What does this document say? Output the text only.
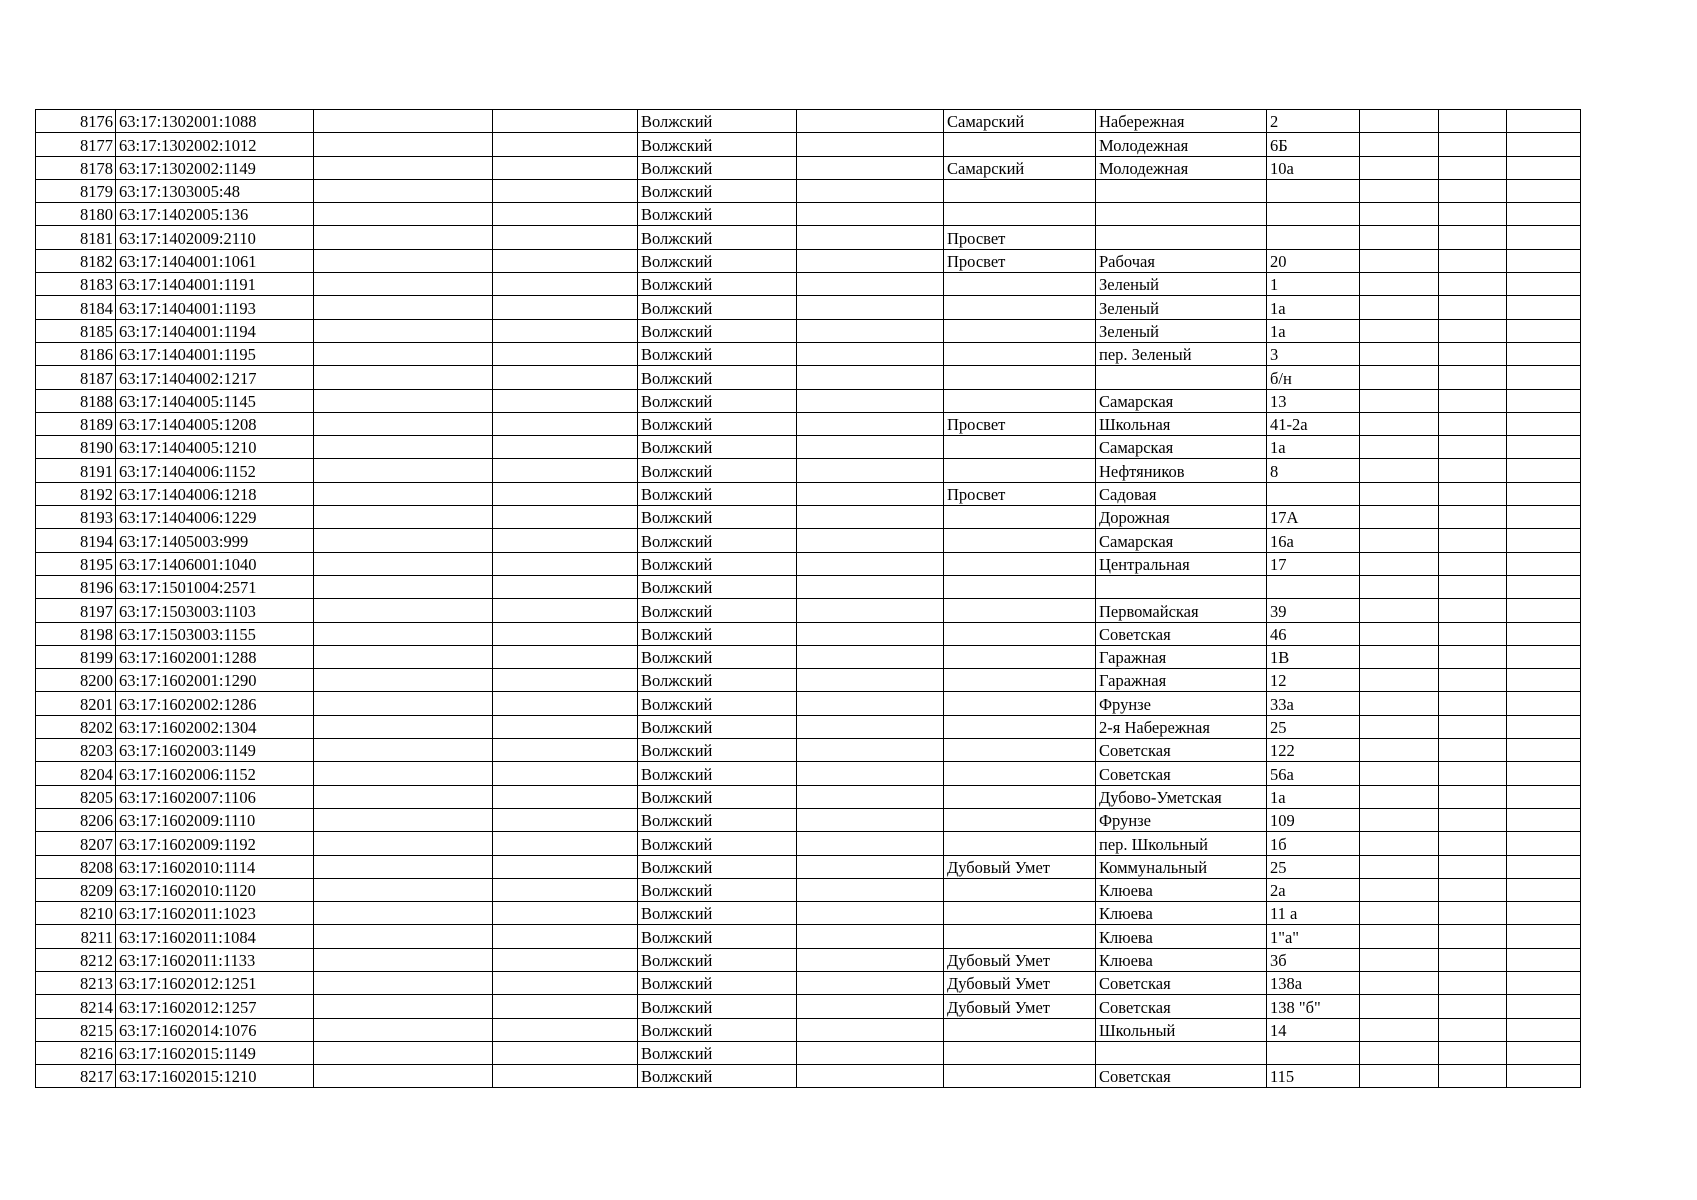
8176	63:17:1302001:1088			Волжский		Самарский	Набережная	2			
8177	63:17:1302002:1012			Волжский			Молодежная	6Б			
8178	63:17:1302002:1149			Волжский		Самарский	Молодежная	10а			
8179	63:17:1303005:48			Волжский							
8180	63:17:1402005:136			Волжский							
8181	63:17:1402009:2110			Волжский		Просвет					
8182	63:17:1404001:1061			Волжский		Просвет	Рабочая	20			
8183	63:17:1404001:1191			Волжский			Зеленый	1			
8184	63:17:1404001:1193			Волжский			Зеленый	1а			
8185	63:17:1404001:1194			Волжский			Зеленый	1а			
8186	63:17:1404001:1195			Волжский			пер. Зеленый	3			
8187	63:17:1404002:1217			Волжский				б/н			
8188	63:17:1404005:1145			Волжский			Самарская	13			
8189	63:17:1404005:1208			Волжский		Просвет	Школьная	41-2а			
8190	63:17:1404005:1210			Волжский			Самарская	1а			
8191	63:17:1404006:1152			Волжский			Нефтяников	8			
8192	63:17:1404006:1218			Волжский		Просвет	Садовая				
8193	63:17:1404006:1229			Волжский			Дорожная	17А			
8194	63:17:1405003:999			Волжский			Самарская	16а			
8195	63:17:1406001:1040			Волжский			Центральная	17			
8196	63:17:1501004:2571			Волжский							
8197	63:17:1503003:1103			Волжский			Первомайская	39			
8198	63:17:1503003:1155			Волжский			Советская	46			
8199	63:17:1602001:1288			Волжский			Гаражная	1В			
8200	63:17:1602001:1290			Волжский			Гаражная	12			
8201	63:17:1602002:1286			Волжский			Фрунзе	33а			
8202	63:17:1602002:1304			Волжский			2-я Набережная	25			
8203	63:17:1602003:1149			Волжский			Советская	122			
8204	63:17:1602006:1152			Волжский			Советская	56а			
8205	63:17:1602007:1106			Волжский			Дубово-Уметская	1а			
8206	63:17:1602009:1110			Волжский			Фрунзе	109			
8207	63:17:1602009:1192			Волжский			пер. Школьный	1б			
8208	63:17:1602010:1114			Волжский		Дубовый Умет	Коммунальный	25			
8209	63:17:1602010:1120			Волжский			Клюева	2а			
8210	63:17:1602011:1023			Волжский			Клюева	11 а			
8211	63:17:1602011:1084			Волжский			Клюева	1"а"			
8212	63:17:1602011:1133			Волжский		Дубовый Умет	Клюева	3б			
8213	63:17:1602012:1251			Волжский		Дубовый Умет	Советская	138а			
8214	63:17:1602012:1257			Волжский		Дубовый Умет	Советская	138 "б"			
8215	63:17:1602014:1076			Волжский			Школьный	14			
8216	63:17:1602015:1149			Волжский							
8217	63:17:1602015:1210			Волжский			Советская	115			
